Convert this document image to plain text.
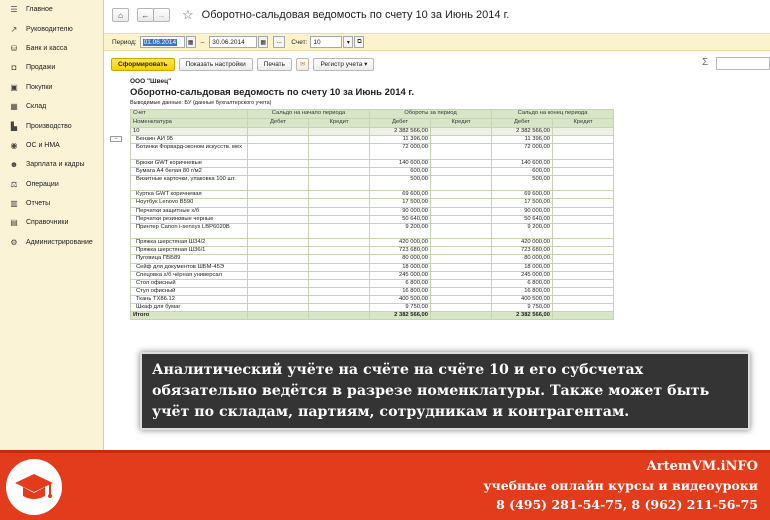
☰ Главное
↗ Руководителю
⛁ Банк и касса
◘	Продажи
▣ Покупки
▦ Склад
▙ Производство
◉ ОС и НМА
☻ Зарплата и кадры
⚖ Операции
▥ Отчеты
▤ Справочники
⚙ Администрирование
⌂ ← → ☆ Оборотно-сальдовая ведомость по счету 10 за Июнь 2014 г.
Период: 01.06.2014	▦	– 30.06.2014	▦	...	Счет: 10	▾	⧉
Сформировать	Показать настройки	Печать	✉	Регистр учета ▾	Σ
−
ООО "Швец"
Оборотно-сальдовая ведомость по счету 10 за Июнь 2014 г.
Выводимые данные: БУ (данные бухгалтерского учета)
Счет	Сальдо на начало периода		Обороты за период		Сальдо на конец периода	
Номенклатура	Дебет	Кредит	Дебет	Кредит	Дебет	Кредит
10			2 382 566,00		2 382 566,00	
Бензин АИ 95			11 396,00		11 396,00	
Ботинки Форвард-эконом искусств. мех			72 000,00		72 000,00	
Брюки GWT коричневые			140 600,00		140 600,00	
Бумага А4 белая 80 г/м2			600,00		600,00	
Визитные карточки, упаковка 100 шт.			500,00		500,00	
Куртка GWT коричневая			69 600,00		69 600,00	
Ноутбук Lenovo B590			17 500,00		17 500,00	
Перчатки защитные х/б			90 000,00		90 000,00	
Перчатки резиновые черные			50 640,00		50 640,00	
Принтер Canon i-sensys LBP6020B			9 200,00		9 200,00	
Пряжка шерстяная Ш34/2			420 000,00		420 000,00	
Пряжка шерстяная Ш36/1			723 680,00		723 680,00	
Пуговица П5Б89			80 000,00		80 000,00	
Сейф для документов ШБМ-45Э			18 000,00		18 000,00	
Спецовка х/б чёрная универсал			245 000,00		245 000,00	
Стол офисный			6 800,00		6 800,00	
Стул офисный			16 800,00		16 800,00	
Ткань ТХ86.12			400 500,00		400 500,00	
Шкаф для бумаг			9 750,00		9 750,00	
Итого			2 382 566,00		2 382 566,00	

Аналитический учёте на счёте на счёте 10 и его субсчетах обязательно ведётся в разрезе номенклатуры. Также может быть учёт по складам, партиям, сотрудникам и контрагентам.

ArtemVM.iNFO
учебные онлайн курсы и видеоуроки
8 (495) 281-54-75, 8 (962) 211-56-75
